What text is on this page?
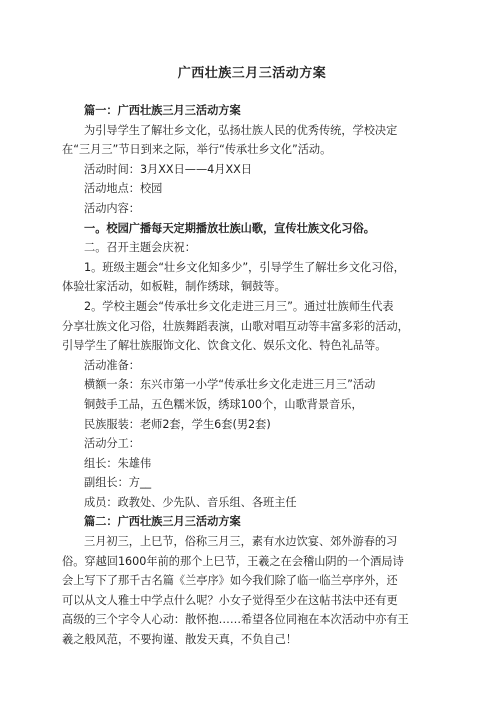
广西壮族三月三活动方案

篇一：广西壮族三月三活动方案

为引导学生了解壮乡文化，弘扬壮族人民的优秀传统，学校决定

在“三月三”节日到来之际，举行“传承壮乡文化”活动。

活动时间：3月XX日——4月XX日

活动地点：校园

活动内容：

一。校园广播每天定期播放壮族山歌，宣传壮族文化习俗。

二。召开主题会庆祝：

1。班级主题会“壮乡文化知多少”，引导学生了解壮乡文化习俗，

体验壮家活动，如板鞋，制作绣球，铜鼓等。

2。学校主题会“传承壮乡文化走进三月三”。通过壮族师生代表

分享壮族文化习俗，壮族舞蹈表演，山歌对唱互动等丰富多彩的活动，

引导学生了解壮族服饰文化、饮食文化、娱乐文化、特色礼品等。

活动准备：

横额一条：东兴市第一小学“传承壮乡文化走进三月三”活动

铜鼓手工品，五色糯米饭，绣球100个，山歌背景音乐，

民族服装：老师2套，学生6套(男2套)

活动分工：

组长：朱雄伟

副组长：方__

成员：政教处、少先队、音乐组、各班主任

篇二：广西壮族三月三活动方案

三月初三，上巳节，俗称三月三，素有水边饮宴、郊外游春的习

俗。穿越回1600年前的那个上巳节，王羲之在会稽山阴的一个酒局诗

会上写下了那千古名篇《兰亭序》如今我们除了临一临兰亭序外，还

可以从文人雅士中学点什么呢？小女子觉得至少在这帖书法中还有更

高级的三个字令人心动：散怀抱……希望各位同袍在本次活动中亦有王

羲之般风范，不要拘谨、散发天真，不负自己！
